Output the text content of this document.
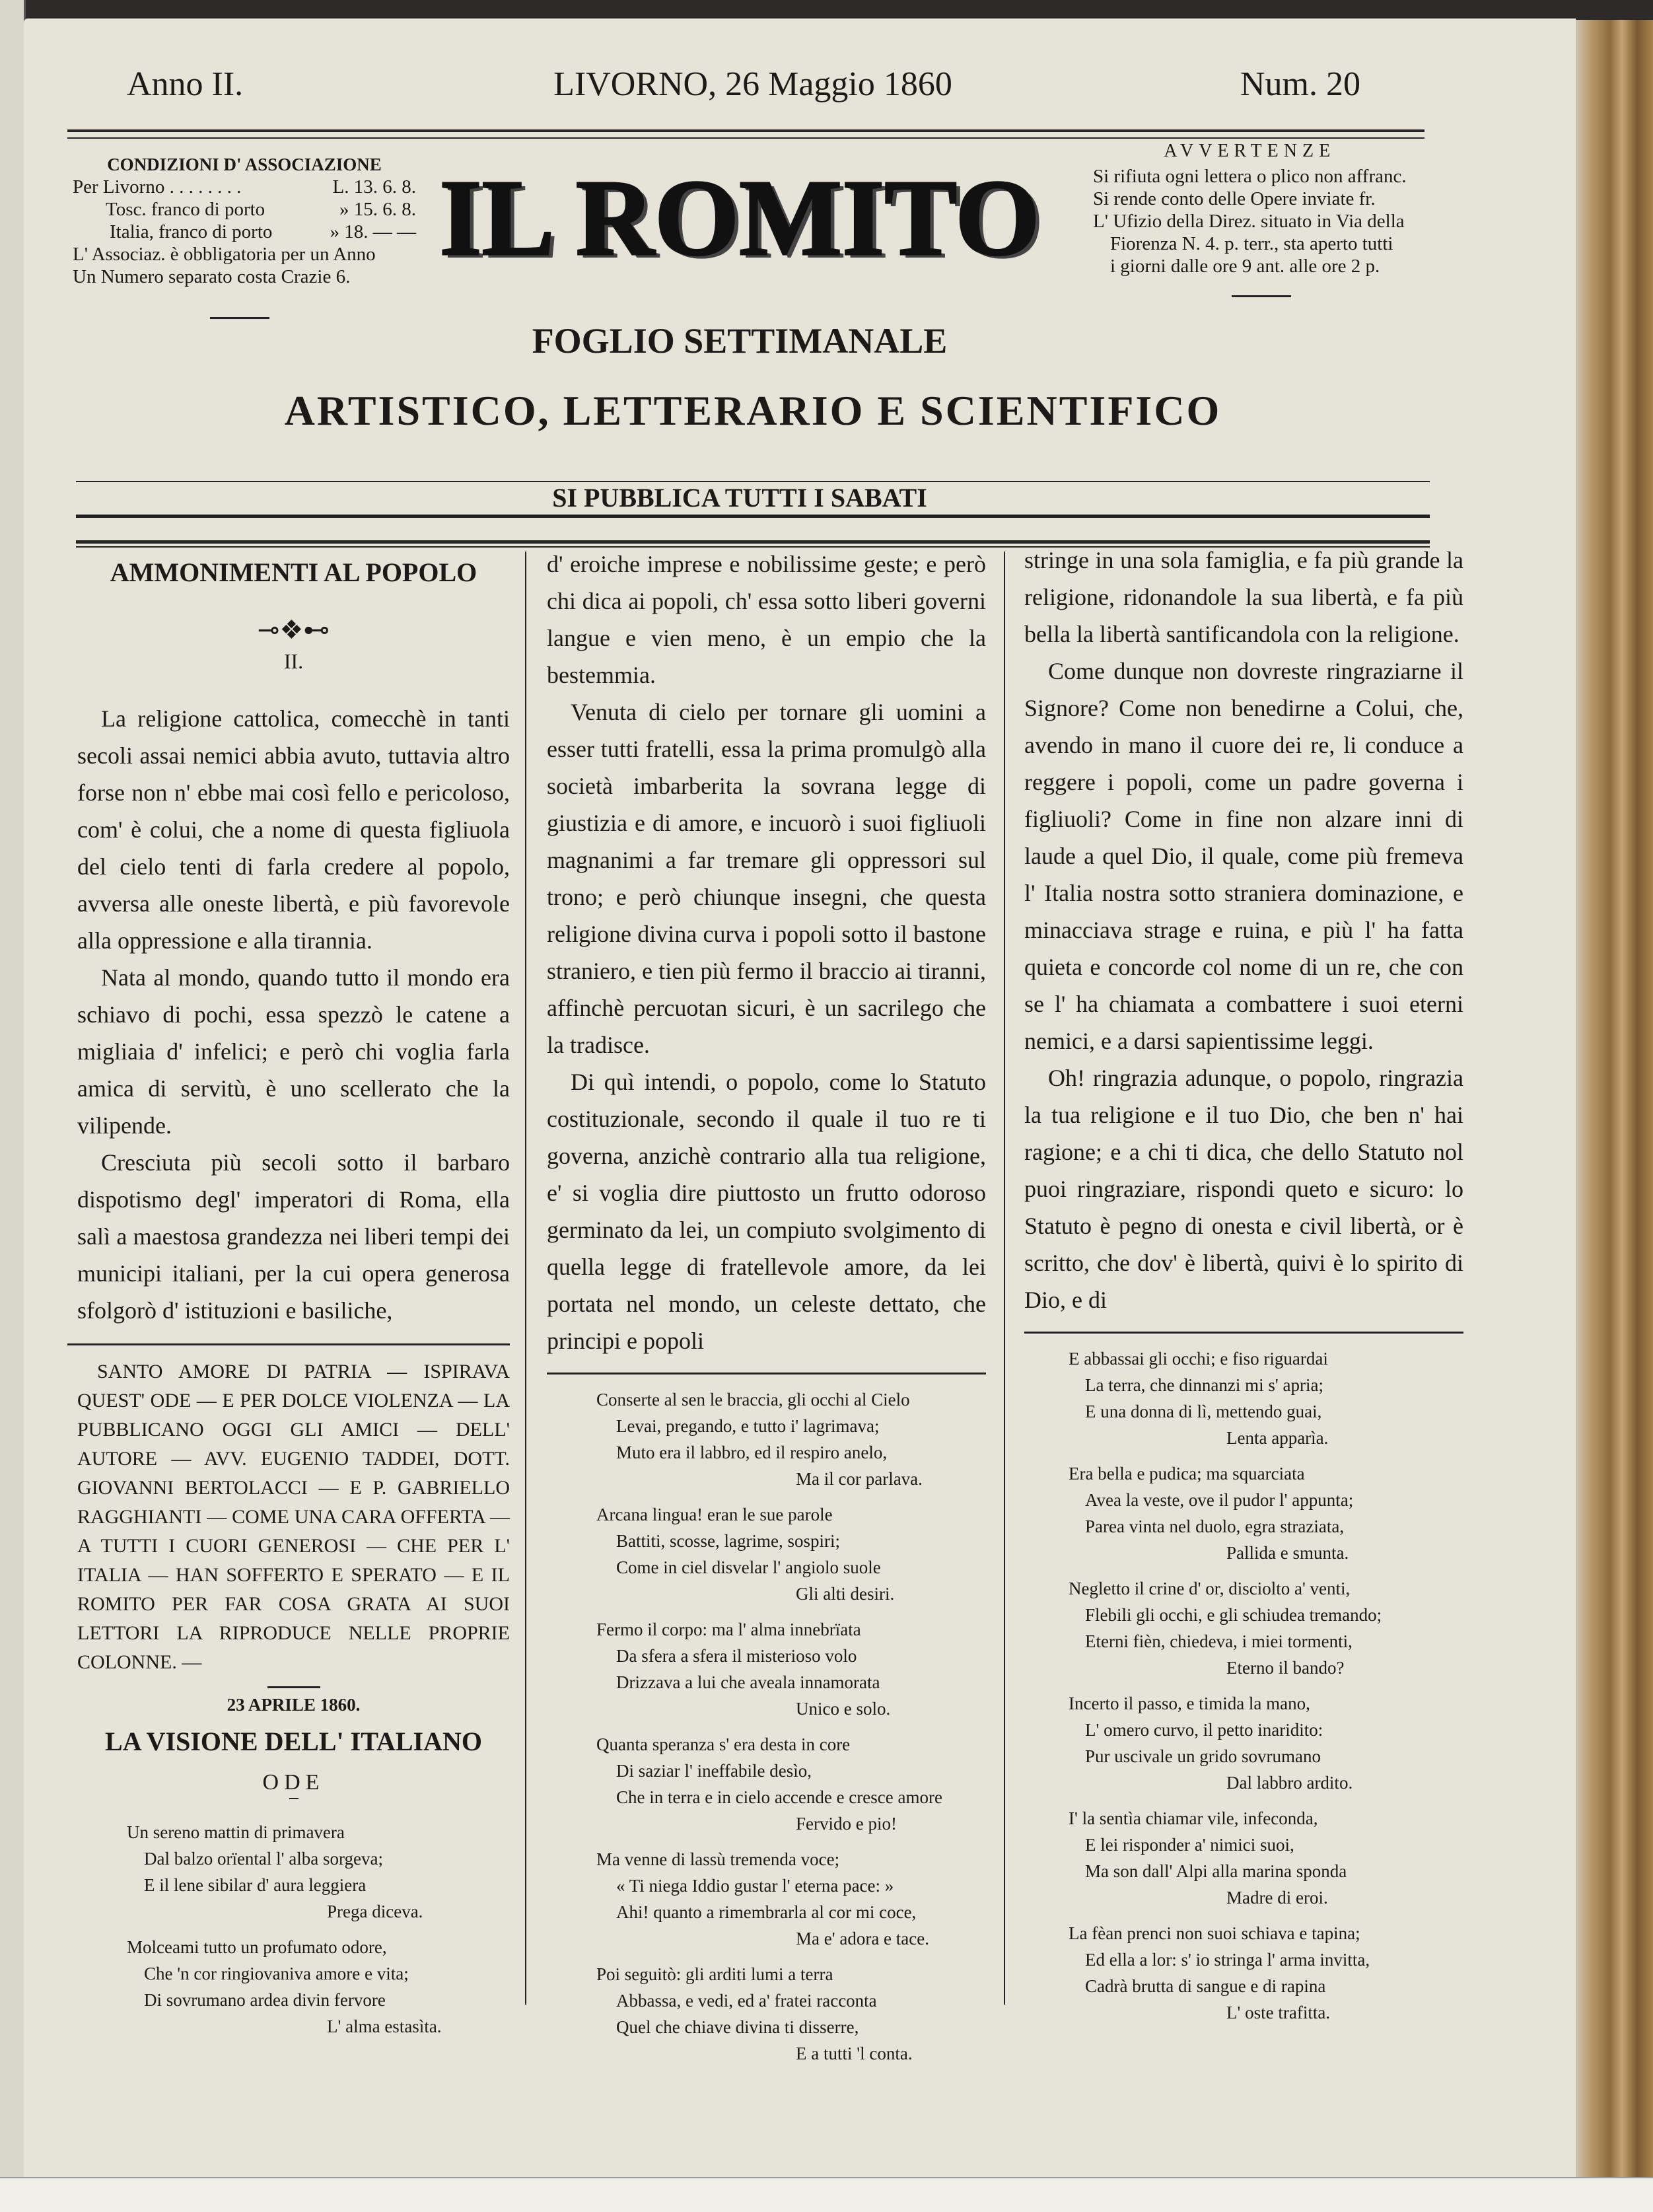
Anno II.	LIVORNO, 26 Maggio 1860	Num. 20
CONDIZIONI D' ASSOCIAZIONE
Per Livorno . . . . . . . .	L. 13. 6. 8.
Tosc. franco di porto	» 15. 6. 8.
Italia, franco di porto	» 18. — —
L' Associaz. è obbligatoria per un Anno
Un Numero separato costa Crazie 6. IL ROMITO
AVVERTENZE
Si rifiuta ogni lettera o plico non affranc.
Si rende conto delle Opere inviate fr.
L' Ufizio della Direz. situato in Via della
Fiorenza N. 4. p. terr., sta aperto tutti
i giorni dalle ore 9 ant. alle ore 2 p.
FOGLIO SETTIMANALE
ARTISTICO, LETTERARIO E SCIENTIFICO
SI PUBBLICA TUTTI I SABATI
AMMONIMENTI AL POPOLO
⊸❖⊷
II.

La religione cattolica, comecchè in tanti secoli assai nemici abbia avuto, tuttavia altro forse non n' ebbe mai così fello e pericoloso, com' è colui, che a nome di questa figliuola del cielo tenti di farla credere al popolo, avversa alle oneste libertà, e più favorevole alla oppressione e alla tirannia.

Nata al mondo, quando tutto il mondo era schiavo di pochi, essa spezzò le catene a migliaia d' infelici; e però chi voglia farla amica di servitù, è uno scellerato che la vilipende.

Cresciuta più secoli sotto il barbaro dispotismo degl' imperatori di Roma, ella salì a maestosa grandezza nei liberi tempi dei municipi italiani, per la cui opera generosa sfolgorò d' istituzioni e basiliche,

SANTO AMORE DI PATRIA — ISPIRAVA QUEST' ODE — E PER DOLCE VIOLENZA — LA PUBBLICANO OGGI GLI AMICI — DELL' AUTORE — AVV. EUGENIO TADDEI, DOTT. GIOVANNI BERTOLACCI — E P. GABRIELLO RAGGHIANTI — COME UNA CARA OFFERTA — A TUTTI I CUORI GENEROSI — CHE PER L' ITALIA — HAN SOFFERTO E SPERATO — E IL ROMITO PER FAR COSA GRATA AI SUOI LETTORI LA RIPRODUCE NELLE PROPRIE COLONNE. —
23 APRILE 1860.
LA VISIONE DELL' ITALIANO
ODE
Un sereno mattin di primavera
Dal balzo orïental l' alba sorgeva;
E il lene sibilar d' aura leggiera
Prega diceva.
Molceami tutto un profumato odore,
Che 'n cor ringiovaniva amore e vita;
Di sovrumano ardea divin fervore
L' alma estasìta.

d' eroiche imprese e nobilissime geste; e però chi dica ai popoli, ch' essa sotto liberi governi langue e vien meno, è un empio che la bestemmia.

Venuta di cielo per tornare gli uomini a esser tutti fratelli, essa la prima promulgò alla società imbarberita la sovrana legge di giustizia e di amore, e incuorò i suoi figliuoli magnanimi a far tremare gli oppressori sul trono; e però chiunque insegni, che questa religione divina curva i popoli sotto il bastone straniero, e tien più fermo il braccio ai tiranni, affinchè percuotan sicuri, è un sacrilego che la tradisce.

Di quì intendi, o popolo, come lo Statuto costituzionale, secondo il quale il tuo re ti governa, anzichè contrario alla tua religione, e' si voglia dire piuttosto un frutto odoroso germinato da lei, un compiuto svolgimento di quella legge di fratellevole amore, da lei portata nel mondo, un celeste dettato, che principi e popoli

Conserte al sen le braccia, gli occhi al Cielo
Levai, pregando, e tutto i' lagrimava;
Muto era il labbro, ed il respiro anelo,
Ma il cor parlava.
Arcana lingua! eran le sue parole
Battiti, scosse, lagrime, sospiri;
Come in ciel disvelar l' angiolo suole
Gli alti desiri.
Fermo il corpo: ma l' alma innebrïata
Da sfera a sfera il misterioso volo
Drizzava a lui che aveala innamorata
Unico e solo.
Quanta speranza s' era desta in core
Di saziar l' ineffabile desìo,
Che in terra e in cielo accende e cresce amore
Fervido e pio!
Ma venne di lassù tremenda voce;
« Ti niega Iddio gustar l' eterna pace: »
Ahi! quanto a rimembrarla al cor mi coce,
Ma e' adora e tace.
Poi seguitò: gli arditi lumi a terra
Abbassa, e vedi, ed a' fratei racconta
Quel che chiave divina ti disserre,
E a tutti 'l conta.

stringe in una sola famiglia, e fa più grande la religione, ridonandole la sua libertà, e fa più bella la libertà santificandola con la religione.

Come dunque non dovreste ringraziarne il Signore? Come non benedirne a Colui, che, avendo in mano il cuore dei re, li conduce a reggere i popoli, come un padre governa i figliuoli? Come in fine non alzare inni di laude a quel Dio, il quale, come più fremeva l' Italia nostra sotto straniera dominazione, e minacciava strage e ruina, e più l' ha fatta quieta e concorde col nome di un re, che con se l' ha chiamata a combattere i suoi eterni nemici, e a darsi sapientissime leggi.

Oh! ringrazia adunque, o popolo, ringrazia la tua religione e il tuo Dio, che ben n' hai ragione; e a chi ti dica, che dello Statuto nol puoi ringraziare, rispondi queto e sicuro: lo Statuto è pegno di onesta e civil libertà, or è scritto, che dov' è libertà, quivi è lo spirito di Dio, e di

E abbassai gli occhi; e fiso riguardai
La terra, che dinnanzi mi s' apria;
E una donna di lì, mettendo guai,
Lenta apparìa.
Era bella e pudica; ma squarciata
Avea la veste, ove il pudor l' appunta;
Parea vinta nel duolo, egra straziata,
Pallida e smunta.
Negletto il crine d' or, disciolto a' venti,
Flebili gli occhi, e gli schiudea tremando;
Eterni fièn, chiedeva, i miei tormenti,
Eterno il bando?
Incerto il passo, e timida la mano,
L' omero curvo, il petto inaridito:
Pur uscivale un grido sovrumano
Dal labbro ardito.
I' la sentìa chiamar vile, infeconda,
E lei risponder a' nimici suoi,
Ma son dall' Alpi alla marina sponda
Madre di eroi.
La fèan prenci non suoi schiava e tapina;
Ed ella a lor: s' io stringa l' arma invitta,
Cadrà brutta di sangue e di rapina
L' oste trafitta.
